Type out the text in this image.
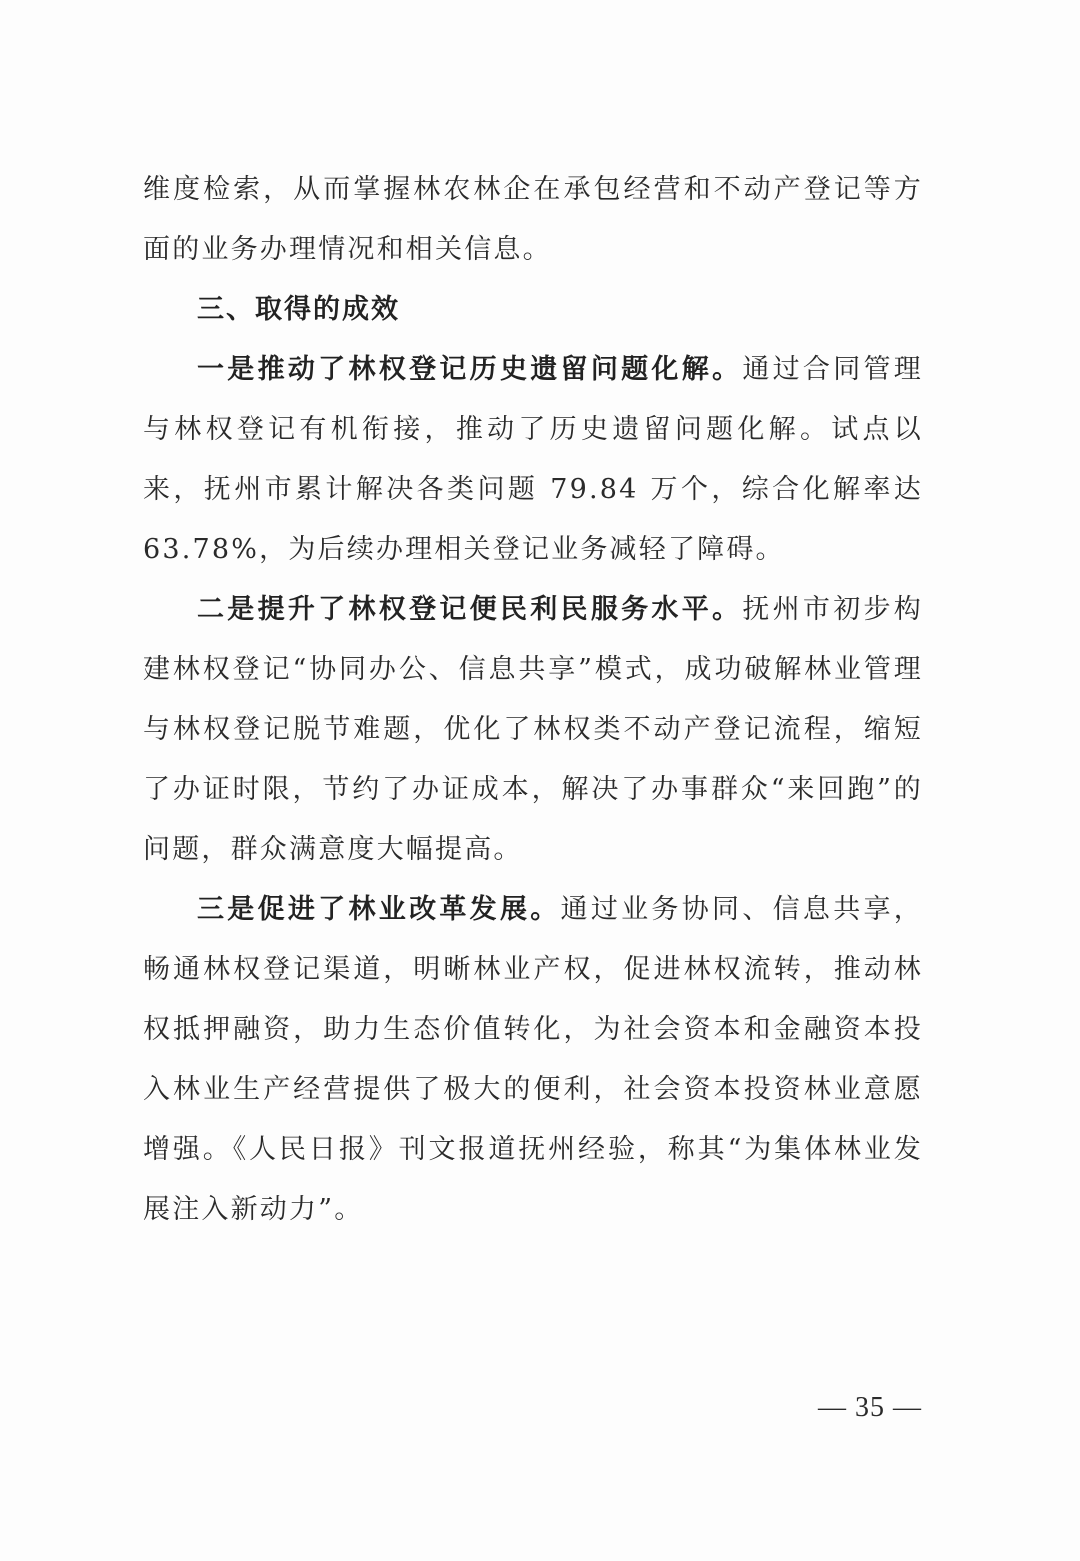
维度检索，从而掌握林农林企在承包经营和不动产登记等方面的业务办理情况和相关信息。

三、取得的成效

一是推动了林权登记历史遗留问题化解。通过合同管理与林权登记有机衔接，推动了历史遗留问题化解。试点以来，抚州市累计解决各类问题 79.84 万个，综合化解率达 63.78%，为后续办理相关登记业务减轻了障碍。

二是提升了林权登记便民利民服务水平。抚州市初步构建林权登记“协同办公、信息共享”模式，成功破解林业管理与林权登记脱节难题，优化了林权类不动产登记流程，缩短了办证时限，节约了办证成本，解决了办事群众“来回跑”的问题，群众满意度大幅提高。

三是促进了林业改革发展。通过业务协同、信息共享，畅通林权登记渠道，明晰林业产权，促进林权流转，推动林权抵押融资，助力生态价值转化，为社会资本和金融资本投入林业生产经营提供了极大的便利，社会资本投资林业意愿增强。《人民日报》刊文报道抚州经验，称其“为集体林业发展注入新动力”。

— 35 —
